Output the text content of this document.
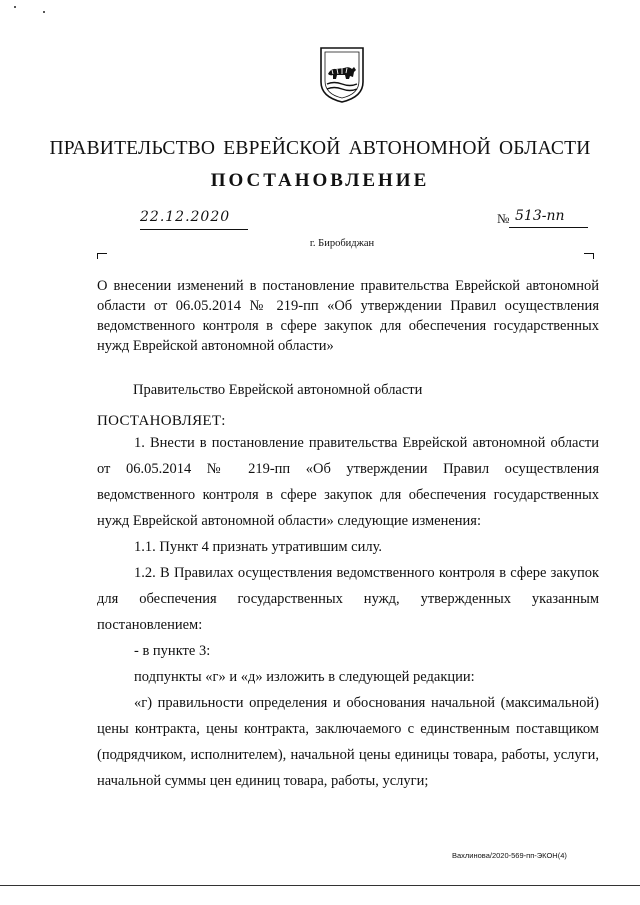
ПРАВИТЕЛЬСТВО ЕВРЕЙСКОЙ АВТОНОМНОЙ ОБЛАСТИ
ПОСТАНОВЛЕНИЕ
22.12.2020	№ 513-пп
г. Биробиджан
О внесении изменений в постановление правительства Еврейской автономной области от 06.05.2014 № 219-пп «Об утверждении Правил осуществления ведомственного контроля в сфере закупок для обеспечения государственных нужд Еврейской автономной области»
Правительство Еврейской автономной области
ПОСТАНОВЛЯЕТ:

1. Внести в постановление правительства Еврейской автономной области от 06.05.2014 № 219-пп «Об утверждении Правил осуществления ведомственного контроля в сфере закупок для обеспечения государственных нужд Еврейской автономной области» следующие изменения:

1.1. Пункт 4 признать утратившим силу.

1.2. В Правилах осуществления ведомственного контроля в сфере закупок для обеспечения государственных нужд, утвержденных указанным постановлением:

- в пункте 3:

подпункты «г» и «д» изложить в следующей редакции:

«г) правильности определения и обоснования начальной (максимальной) цены контракта, цены контракта, заключаемого с единственным поставщиком (подрядчиком, исполнителем), начальной цены единицы товара, работы, услуги, начальной суммы цен единиц товара, работы, услуги;

Вахлинова/2020-569-пп-ЭКОН(4)
